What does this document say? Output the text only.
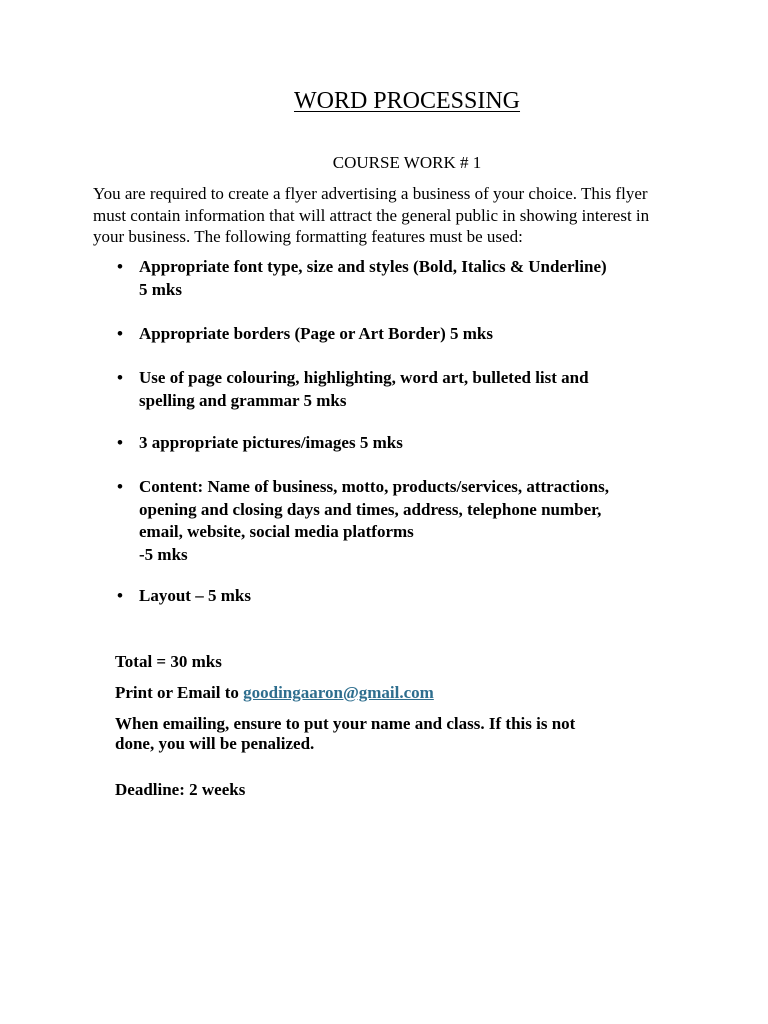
WORD PROCESSING

COURSE WORK # 1

You are required to create a flyer advertising a business of your choice. This flyer must contain information that will attract the general public in showing interest in your business. The following formatting features must be used:

• Appropriate font type, size and styles (Bold, Italics & Underline)
5 mks
• Appropriate borders (Page or Art Border) 5 mks
• Use of page colouring, highlighting, word art, bulleted list and
spelling and grammar 5 mks
• 3 appropriate pictures/images 5 mks
• Content: Name of business, motto, products/services, attractions,
opening and closing days and times, address, telephone number,
email, website, social media platforms
-5 mks
• Layout – 5 mks

Total = 30 mks

Print or Email to goodingaaron@gmail.com

When emailing, ensure to put your name and class. If this is not
done, you will be penalized.

Deadline: 2 weeks
